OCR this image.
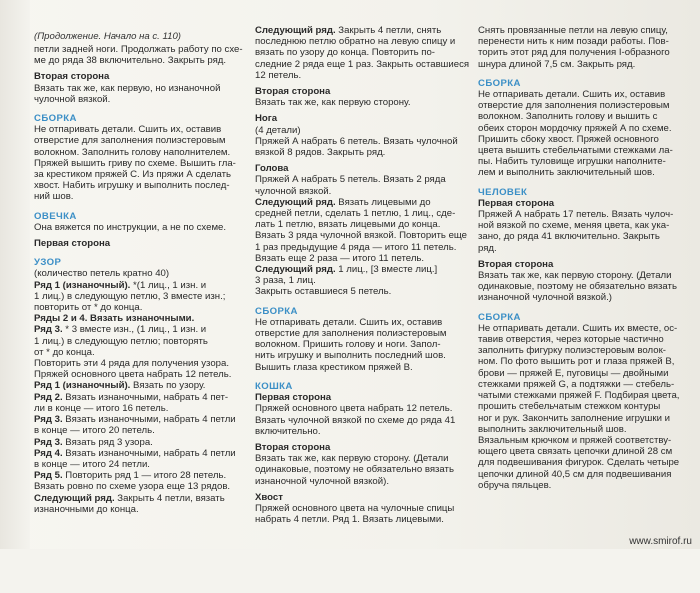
(Продолжение. Начало на с. 110)
петли задней ноги. Продолжать работу по схе-
ме до ряда 38 включительно. Закрыть ряд.
Вторая сторона
Вязать так же, как первую, но изнаночной
чулочной вязкой.
СБОРКА
Не отпаривать детали. Сшить их, оставив
отверстие для заполнения полиэстеровым
волокном. Заполнить голову наполнителем.
Пряжей вышить гриву по схеме. Вышить гла-
за крестиком пряжей С. Из пряжи А сделать
хвост. Набить игрушку и выполнить послед-
ний шов.
ОВЕЧКА
Она вяжется по инструкции, а не по схеме.
Первая сторона
УЗОР
(количество петель кратно 40)
Ряд 1 (изнаночный). *(1 лиц., 1 изн. и
1 лиц.) в следующую петлю, 3 вместе изн.;
повторить от * до конца.
Ряды 2 и 4. Вязать изнаночными.
Ряд 3. * 3 вместе изн., (1 лиц., 1 изн. и
1 лиц.) в следующую петлю; повторять
от * до конца.
Повторить эти 4 ряда для получения узора.
Пряжей основного цвета набрать 12 петель.
Ряд 1 (изнаночный). Вязать по узору.
Ряд 2. Вязать изнаночными, набрать 4 пет-
ли в конце — итого 16 петель.
Ряд 3. Вязать изнаночными, набрать 4 петли
в конце — итого 20 петель.
Ряд 3. Вязать ряд 3 узора.
Ряд 4. Вязать изнаночными, набрать 4 петли
в конце — итого 24 петли.
Ряд 5. Повторить ряд 1 — итого 28 петель.
Вязать ровно по схеме узора еще 13 рядов.
Следующий ряд. Закрыть 4 петли, вязать
изнаночными до конца.
Следующий ряд. Закрыть 4 петли, снять
последнюю петлю обратно на левую спицу и
вязать по узору до конца. Повторить по-
следние 2 ряда еще 1 раз. Закрыть оставшиеся
12 петель.
Вторая сторона
Вязать так же, как первую сторону.
Нога
(4 детали)
Пряжей А набрать 6 петель. Вязать чулочной
вязкой 8 рядов. Закрыть ряд.
Голова
Пряжей А набрать 5 петель. Вязать 2 ряда
чулочной вязкой.
Следующий ряд. Вязать лицевыми до
средней петли, сделать 1 петлю, 1 лиц., сде-
лать 1 петлю, вязать лицевыми до конца.
Вязать 3 ряда чулочной вязкой. Повторить еще
1 раз предыдущие 4 ряда — итого 11 петель.
Вязать еще 2 раза — итого 11 петель.
Следующий ряд. 1 лиц., [3 вместе лиц.]
3 раза, 1 лиц.
Закрыть оставшиеся 5 петель.
СБОРКА
Не отпаривать детали. Сшить их, оставив
отверстие для заполнения полиэстеровым
волокном. Пришить голову и ноги. Запол-
нить игрушку и выполнить последний шов.
Вышить глаза крестиком пряжей В.
КОШКА
Первая сторона
Пряжей основного цвета набрать 12 петель.
Вязать чулочной вязкой по схеме до ряда 41
включительно.
Вторая сторона
Вязать так же, как первую сторону. (Детали
одинаковые, поэтому не обязательно вязать
изнаночной чулочной вязкой).
Хвост
Пряжей основного цвета на чулочные спицы
набрать 4 петли. Ряд 1. Вязать лицевыми.
Снять провязанные петли на левую спицу,
перенести нить к ним позади работы. Пов-
торить этот ряд для получения I-образного
шнура длиной 7,5 см. Закрыть ряд.
СБОРКА
Не отпаривать детали. Сшить их, оставив
отверстие для заполнения полиэстеровым
волокном. Заполнить голову и вышить с
обеих сторон мордочку пряжей А по схеме.
Пришить сбоку хвост. Пряжей основного
цвета вышить стебельчатыми стежками ла-
пы. Набить туловище игрушки наполните-
лем и выполнить заключительный шов.
ЧЕЛОВЕК
Первая сторона
Пряжей А набрать 17 петель. Вязать чулоч-
ной вязкой по схеме, меняя цвета, как ука-
зано, до ряда 41 включительно. Закрыть
ряд.
Вторая сторона
Вязать так же, как первую сторону. (Детали
одинаковые, поэтому не обязательно вязать
изнаночной чулочной вязкой.)
СБОРКА
Не отпаривать детали. Сшить их вместе, ос-
тавив отверстия, через которые частично
заполнить фигурку полиэстеровым волок-
ном. По фото вышить рот и глаза пряжей В,
брови — пряжей Е, пуговицы — двойными
стежками пряжей G, а подтяжки — стебель-
чатыми стежками пряжей F. Подбирая цвета,
прошить стебельчатым стежком контуры
ног и рук. Закончить заполнение игрушки и
выполнить заключительный шов.
Вязальным крючком и пряжей соответству-
ющего цвета связать цепочки длиной 28 см
для подвешивания фигурок. Сделать четыре
цепочки длиной 40,5 см для подвешивания
обруча пяльцев.
www.smirof.ru
